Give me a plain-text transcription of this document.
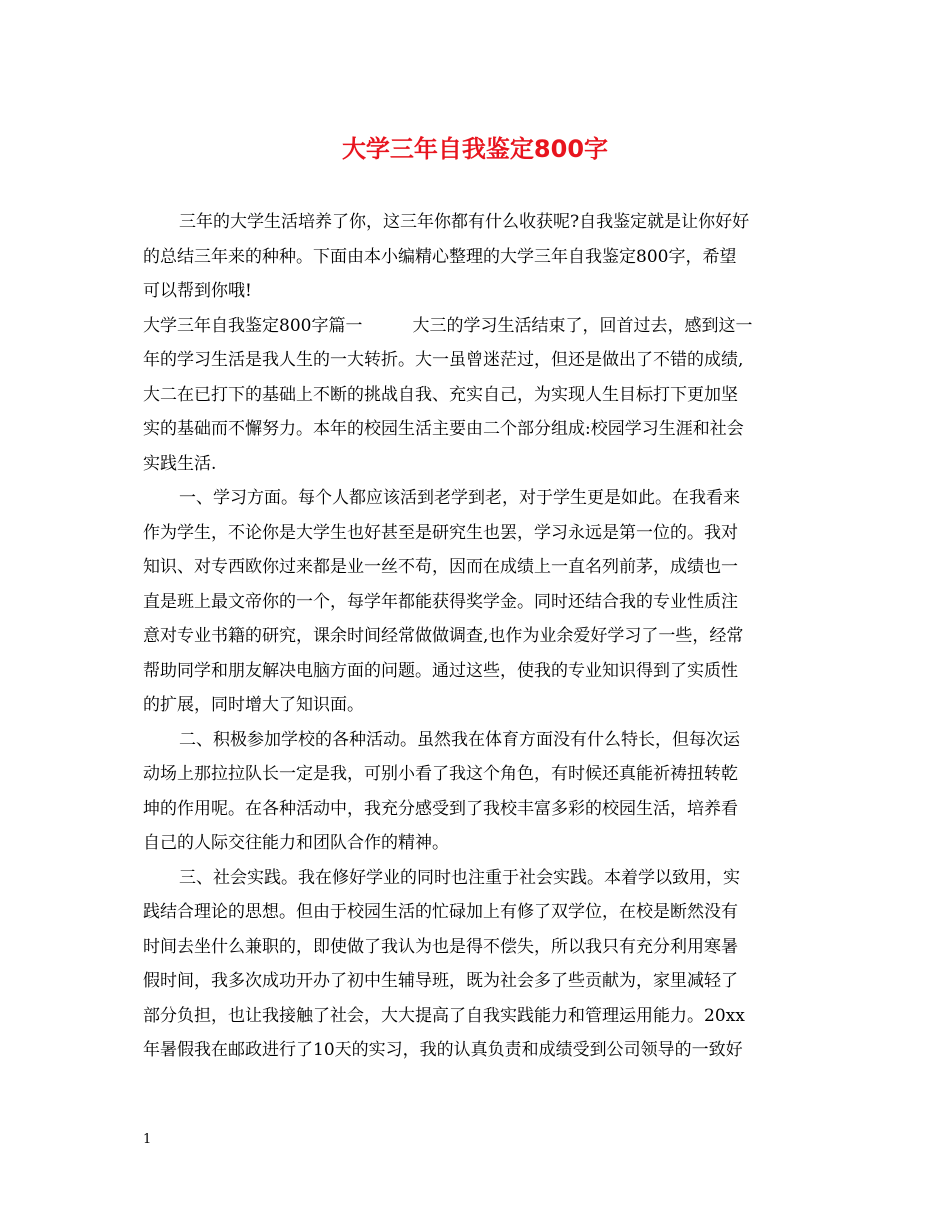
大学三年自我鉴定800字
三年的大学生活培养了你，这三年你都有什么收获呢?自我鉴定就是让你好好
的总结三年来的种种。下面由本小编精心整理的大学三年自我鉴定800字，希望
可以帮到你哦!
大学三年自我鉴定800字篇一	大三的学习生活结束了，回首过去，感到这一
年的学习生活是我人生的一大转折。大一虽曾迷茫过，但还是做出了不错的成绩,
大二在已打下的基础上不断的挑战自我、充实自己，为实现人生目标打下更加坚
实的基础而不懈努力。本年的校园生活主要由二个部分组成:校园学习生涯和社会
实践生活.
一、学习方面。每个人都应该活到老学到老，对于学生更是如此。在我看来
作为学生，不论你是大学生也好甚至是研究生也罢，学习永远是第一位的。我对
知识、对专西欧你过来都是业一丝不苟，因而在成绩上一直名列前茅，成绩也一
直是班上最文帝你的一个，每学年都能获得奖学金。同时还结合我的专业性质注
意对专业书籍的研究，课余时间经常做做调查,也作为业余爱好学习了一些，经常
帮助同学和朋友解决电脑方面的问题。通过这些，使我的专业知识得到了实质性
的扩展，同时增大了知识面。
二、积极参加学校的各种活动。虽然我在体育方面没有什么特长，但每次运
动场上那拉拉队长一定是我，可别小看了我这个角色，有时候还真能祈祷扭转乾
坤的作用呢。在各种活动中，我充分感受到了我校丰富多彩的校园生活，培养看
自己的人际交往能力和团队合作的精神。
三、社会实践。我在修好学业的同时也注重于社会实践。本着学以致用，实
践结合理论的思想。但由于校园生活的忙碌加上有修了双学位，在校是断然没有
时间去坐什么兼职的，即使做了我认为也是得不偿失，所以我只有充分利用寒暑
假时间，我多次成功开办了初中生辅导班，既为社会多了些贡献为，家里减轻了
部分负担，也让我接触了社会，大大提高了自我实践能力和管理运用能力。20xx
年暑假我在邮政进行了10天的实习，我的认真负责和成绩受到公司领导的一致好
1
